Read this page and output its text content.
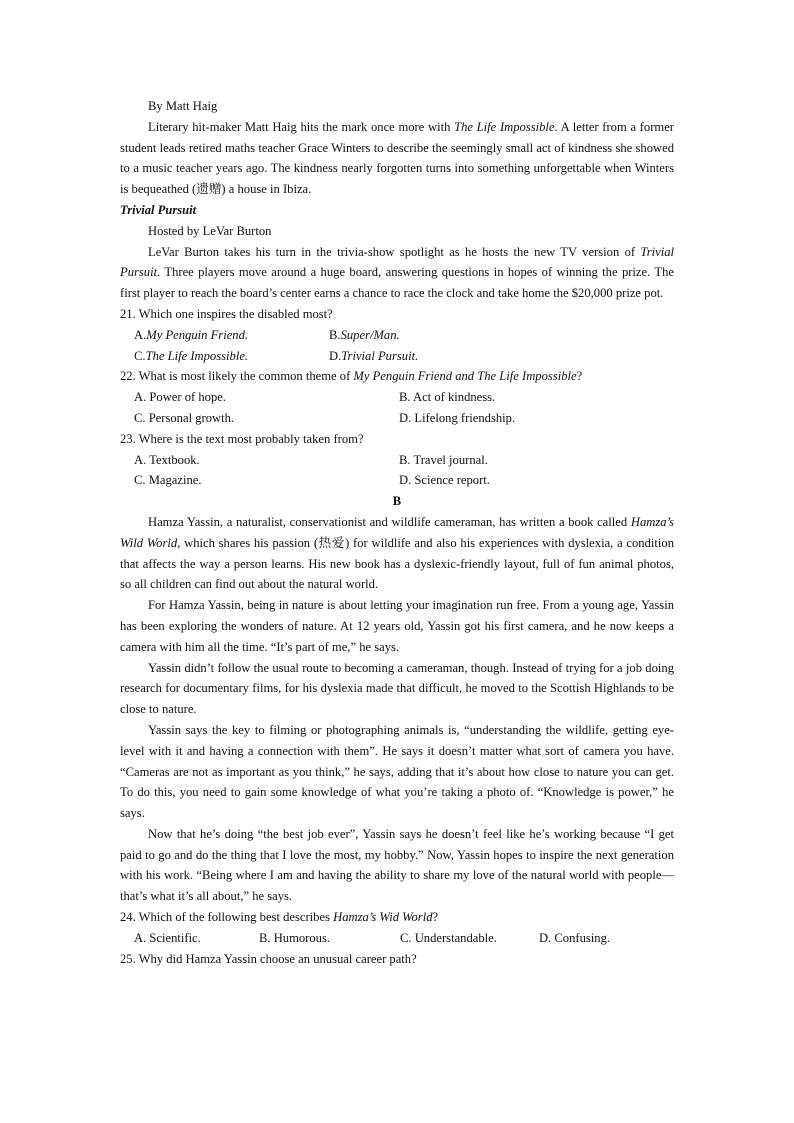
By Matt Haig

Literary hit-maker Matt Haig hits the mark once more with The Life Impossible. A letter from a former student leads retired maths teacher Grace Winters to describe the seemingly small act of kindness she showed to a music teacher years ago. The kindness nearly forgotten turns into something unforgettable when Winters is bequeathed (遗赠) a house in Ibiza.

Trivial Pursuit

Hosted by LeVar Burton

LeVar Burton takes his turn in the trivia-show spotlight as he hosts the new TV version of Trivial Pursuit. Three players move around a huge board, answering questions in hopes of winning the prize. The first player to reach the board’s center earns a chance to race the clock and take home the $20,000 prize pot.

21. Which one inspires the disabled most?

A.My Penguin Friend.	B.Super/Man.
C.The Life Impossible.	D.Trivial Pursuit.

22. What is most likely the common theme of My Penguin Friend and The Life Impossible?

A. Power of hope.	B. Act of kindness.
C. Personal growth.	D. Lifelong friendship.

23. Where is the text most probably taken from?

A. Textbook.	B. Travel journal.
C. Magazine.	D. Science report.

B

Hamza Yassin, a naturalist, conservationist and wildlife cameraman, has written a book called Hamza’s Wild World, which shares his passion (热爱) for wildlife and also his experiences with dyslexia, a condition that affects the way a person learns. His new book has a dyslexic-friendly layout, full of fun animal photos, so all children can find out about the natural world.

For Hamza Yassin, being in nature is about letting your imagination run free. From a young age, Yassin has been exploring the wonders of nature. At 12 years old, Yassin got his first camera, and he now keeps a camera with him all the time. “It’s part of me,” he says.

Yassin didn’t follow the usual route to becoming a cameraman, though. Instead of trying for a job doing research for documentary films, for his dyslexia made that difficult, he moved to the Scottish Highlands to be close to nature.

Yassin says the key to filming or photographing animals is, “understanding the wildlife, getting eye-level with it and having a connection with them”. He says it doesn’t matter what sort of camera you have. “Cameras are not as important as you think,” he says, adding that it’s about how close to nature you can get. To do this, you need to gain some knowledge of what you’re taking a photo of. “Knowledge is power,” he says.

Now that he’s doing “the best job ever”, Yassin says he doesn’t feel like he’s working because “I get paid to go and do the thing that I love the most, my hobby.” Now, Yassin hopes to inspire the next generation with his work. “Being where I am and having the ability to share my love of the natural world with people—that’s what it’s all about,” he says.

24. Which of the following best describes Hamza’s Wid World?

A. Scientific.	B. Humorous.	C. Understandable.	D. Confusing.

25. Why did Hamza Yassin choose an unusual career path?
